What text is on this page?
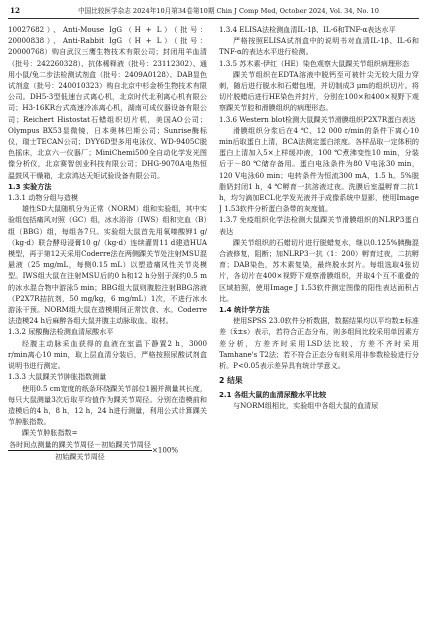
12	中国比较医学杂志 2024年10月第34卷第10期 Chin J Comp Med, October 2024, Vol. 34, No. 10

10027682）、Anti-Mouse IgG（H + L）（批号：20000838）、Anti-Rabbit IgG（H + L）（批号：20000768）购自武汉三鹰生物技术有限公司；封闭用羊血清（批号：242260328）、抗体稀释液（批号：23112302）、通用小鼠/兔二步法检测试剂盒（批号：2409A0128）、DAB显色试剂盒（批号：240010323）购自北京中杉金桥生物技术有限公司。DH5-3型低速台式离心机，北京时代北利离心机有限公司；H3-16KR台式高速冷冻离心机，湖南可成仪器设备有限公司；Reichert Histostat石蜡组织切片机，美国AO公司；Olympus BX53显微镜，日本奥林巴斯公司；Sunrise酶标仪，瑞士TECAN公司；DYY6D型多用电泳仪、WD-9405C脱色摇床，北京六一仪器厂；MiniChemi500全自动化学发光图像分析仪，北京赛智创业科技有限公司；DHG-9070A电热恒温鼓风干燥箱，北京鸿达天矩试验设备有限公司。

1.3 实验方法

1.3.1 动物分组与造模

雄性SD大鼠随机分为正常（NORM）组和实验组，其中实验组包括痛风对照（GC）组，冰水浴浴（IWS）组和完血（B）组（BBG）组，每组各7只。实验组大鼠首先用氧嗪酸钾1 g/（kg·d）联合酵母浸膏10 g/（kg·d）连续灌胃11 d建造HUA模型，再于第12天采用Coderre法在两侧踝关节处注射MSU混悬液（25 mg/mL，每侧0.15 mL）以塑造痛风性关节炎模型。IWS组大鼠在注射MSU后的0 h和12 h分别于深约0.5 m的冰水混合物中游泳5 min；BBG组大鼠则腹腔注射BBG溶液（P2X7R拮抗剂，50 mg/kg，6 mg/mL）1次，不进行冰水游泳干预。NORM组大鼠在造模期间正常饮食、水。Coderre法造模24 h后麻醉各组大鼠并腹主动脉取血、取材。

1.3.2 尿酸酶法检测血清尿酸水平

经腹主动脉采血获得的血液在室温下静置2 h，3000 r/min离心10 min，取上层血清分装后，严格按照尿酸试剂盒说明书进行测定。

1.3.3 大鼠踝关节肿胀指数测量

使用0.5 cm宽度的纸条环绕踝关节部位1圈并测量其长度，每只大鼠测量3次后取平均值作为踝关节周径。分别在造模前和造模后的4 h，8 h，12 h，24 h进行测量，利用公式计算踝关节肿胀指数。

踝关节肿胀指数=
$\frac{\text{各时间点测量的踝关节周径－初始踝关节周径}}{\text{初始踝关节周径}} \times 100\%$

1.3.4 ELISA法检测血清IL-1β、IL-6和TNF-α表达水平

严格按照ELISA试剂盒中的说明书对血清IL-1β、IL-6和TNF-α的表达水平进行检测。

1.3.5 苏木素-伊红（HE）染色观察大鼠踝关节组织病理形态

踝关节组织在EDTA溶液中脱钙至可被针尖无较大阻力穿刺，随后进行脱水和石蜡包埋，并切制成3 μm的组织切片。将切片脱蜡后进行HE染色并封片，分别在100×和400×视野下观察踝关节腔和滑膜组织的病理形态。

1.3.6 Western blot检测大鼠踝关节滑膜组织P2X7R蛋白表达

滑膜组织分浆后在4 ℃、12 000 r/min的条件下离心10 min后取蛋白上清，BCA法测定蛋白浓度。各样品取一定体积的蛋白上清加入5×上样缓冲液，100 ℃煮沸变性10 min，分装后于－80 ℃储存备用。蛋白电泳条件为80 V电泳30 min，120 V电泳60 min；电转条件为恒流300 mA，1.5 h。5%脱脂奶封闭1 h，4 ℃孵育一抗溶液过夜。洗膜后室温孵育二抗1 h，均匀滴加ECL化学发光液并于成像系统中显影，使用Image J 1.53软件分析蛋白条带的灰度值。

1.3.7 免疫组织化学法检测大鼠踝关节滑膜组织的NLRP3蛋白表达

踝关节组织的石蜡切片进行脱蜡复水，继以0.125%胰酶混合液修复，阻断；加NLRP3一抗（1：200）孵育过夜，二抗孵育；DAB染色，苏木素复染，最终脱水封片。每组选取4张切片，各切片在400×视野下观察滑膜组织，并取4个互不重叠的区域拍照，使用Image J 1.53软件测定图像的阳性表达面积占比。

1.4 统计学方法

使用SPSS 23.0软件分析数据，数据结果均以平均数±标准差（x̄±s）表示，若符合正态分布，则多组间比较采用单因素方差分析，方差齐时采用LSD法比较，方差不齐时采用Tamhane's T2法；若不符合正态分布则采用非参数检验进行分析。P<0.05表示差异具有统计学意义。

2 结果

2.1 各组大鼠的血清尿酸水平比较

与NORM组相比，实验组中各组大鼠的血清尿
